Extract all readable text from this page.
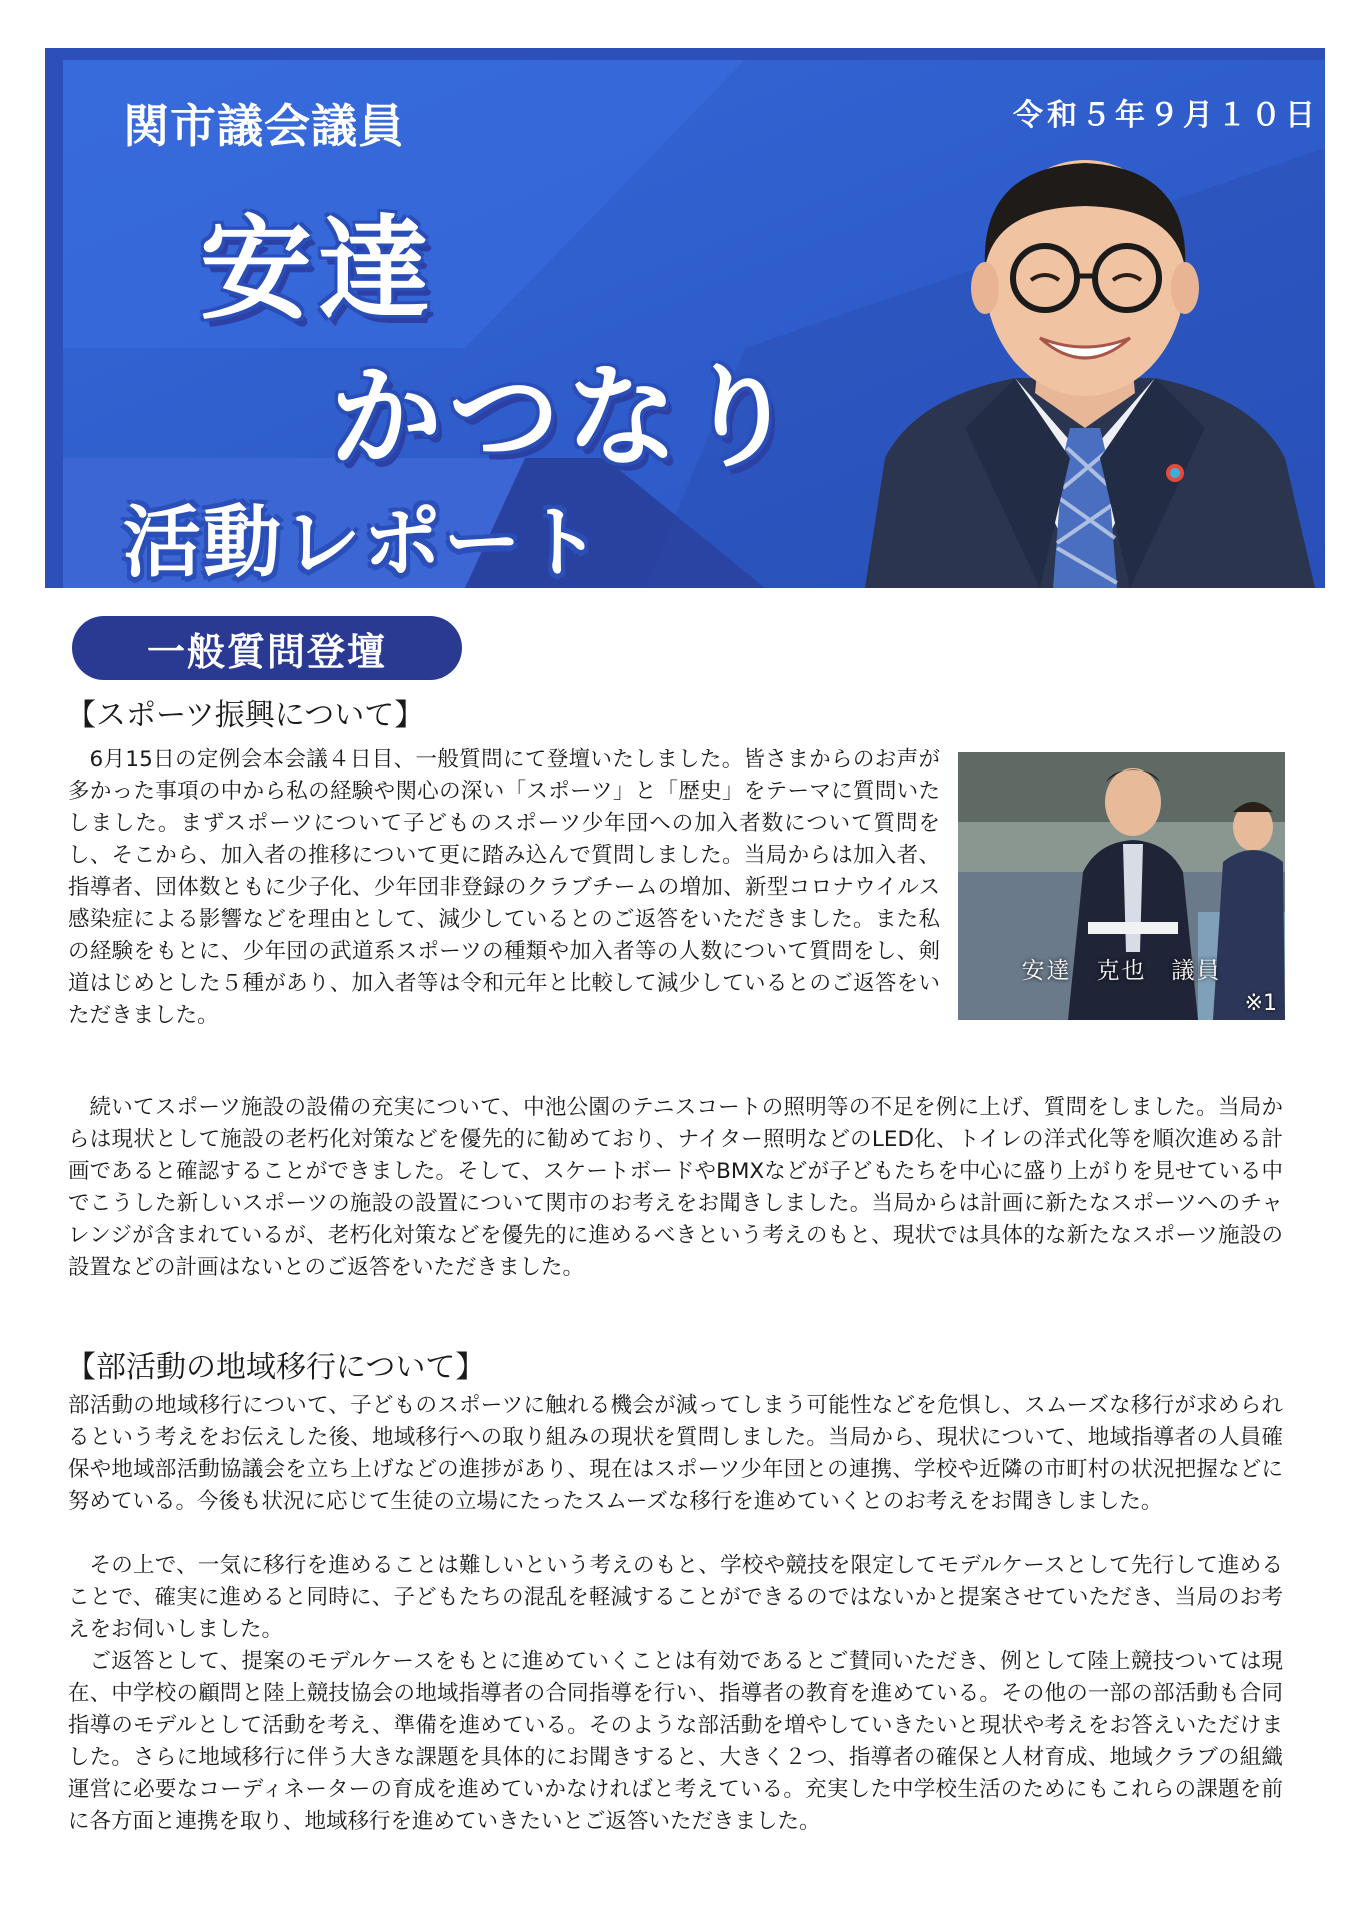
関市議会議員	令和５年９月１０日
安達
かつなり
活動レポート
一般質問登壇
【スポーツ振興について】

6月15日の定例会本会議４日目、一般質問にて登壇いたしました。皆さまからのお声が多かった事項の中から私の経験や関心の深い「スポーツ」と「歴史」をテーマに質問いたしました。まずスポーツについて子どものスポーツ少年団への加入者数について質問をし、そこから、加入者の推移について更に踏み込んで質問しました。当局からは加入者、指導者、団体数ともに少子化、少年団非登録のクラブチームの増加、新型コロナウイルス感染症による影響などを理由として、減少しているとのご返答をいただきました。また私の経験をもとに、少年団の武道系スポーツの種類や加入者等の人数について質問をし、剣道はじめとした５種があり、加入者等は令和元年と比較して減少しているとのご返答をいただきました。

安達　克也　議員
※1

続いてスポーツ施設の設備の充実について、中池公園のテニスコートの照明等の不足を例に上げ、質問をしました。当局からは現状として施設の老朽化対策などを優先的に勧めており、ナイター照明などのLED化、トイレの洋式化等を順次進める計画であると確認することができました。そして、スケートボードやBMXなどが子どもたちを中心に盛り上がりを見せている中でこうした新しいスポーツの施設の設置について関市のお考えをお聞きしました。当局からは計画に新たなスポーツへのチャレンジが含まれているが、老朽化対策などを優先的に進めるべきという考えのもと、現状では具体的な新たなスポーツ施設の設置などの計画はないとのご返答をいただきました。

【部活動の地域移行について】

部活動の地域移行について、子どものスポーツに触れる機会が減ってしまう可能性などを危惧し、スムーズな移行が求められるという考えをお伝えした後、地域移行への取り組みの現状を質問しました。当局から、現状について、地域指導者の人員確保や地域部活動協議会を立ち上げなどの進捗があり、現在はスポーツ少年団との連携、学校や近隣の市町村の状況把握などに努めている。今後も状況に応じて生徒の立場にたったスムーズな移行を進めていくとのお考えをお聞きしました。

その上で、一気に移行を進めることは難しいという考えのもと、学校や競技を限定してモデルケースとして先行して進めることで、確実に進めると同時に、子どもたちの混乱を軽減することができるのではないかと提案させていただき、当局のお考えをお伺いしました。

ご返答として、提案のモデルケースをもとに進めていくことは有効であるとご賛同いただき、例として陸上競技ついては現在、中学校の顧問と陸上競技協会の地域指導者の合同指導を行い、指導者の教育を進めている。その他の一部の部活動も合同指導のモデルとして活動を考え、準備を進めている。そのような部活動を増やしていきたいと現状や考えをお答えいただけました。さらに地域移行に伴う大きな課題を具体的にお聞きすると、大きく２つ、指導者の確保と人材育成、地域クラブの組織運営に必要なコーディネーターの育成を進めていかなければと考えている。充実した中学校生活のためにもこれらの課題を前に各方面と連携を取り、地域移行を進めていきたいとご返答いただきました。
